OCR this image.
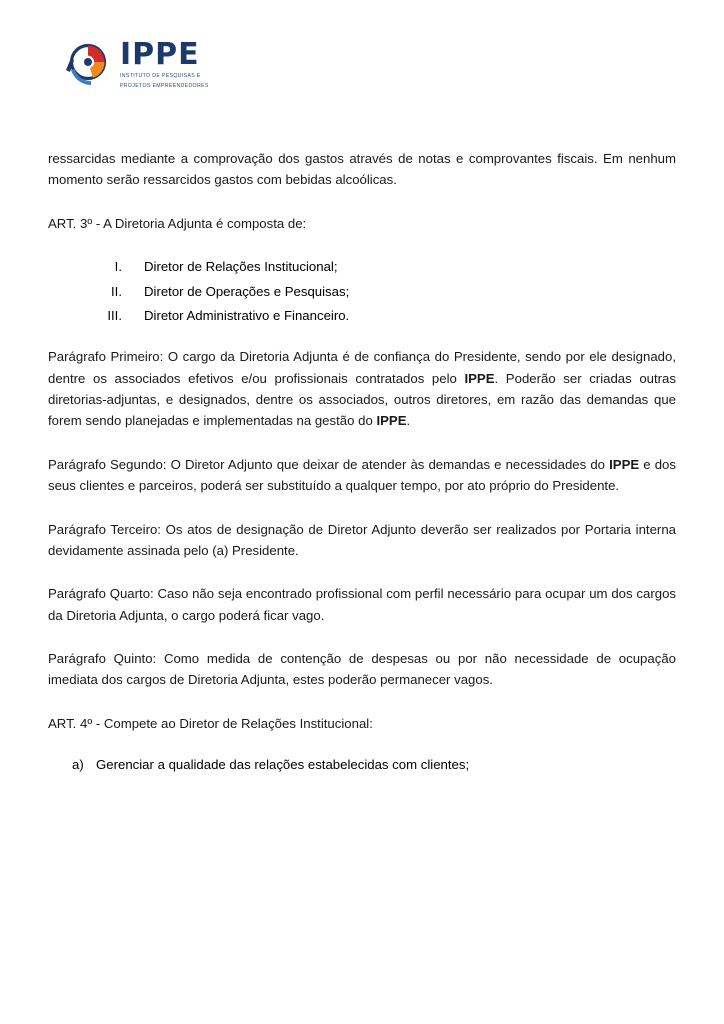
IPPE
INSTITUTO DE PESQUISAS E
PROJETOS EMPREENDEDORES

ressarcidas mediante a comprovação dos gastos através de notas e comprovantes fiscais. Em nenhum momento serão ressarcidos gastos com bebidas alcoólicas.

ART. 3º - A Diretoria Adjunta é composta de:

I.	Diretor de Relações Institucional;
II.	Diretor de Operações e Pesquisas;
III.	Diretor Administrativo e Financeiro.

Parágrafo Primeiro: O cargo da Diretoria Adjunta é de confiança do Presidente, sendo por ele designado, dentre os associados efetivos e/ou profissionais contratados pelo IPPE. Poderão ser criadas outras diretorias-adjuntas, e designados, dentre os associados, outros diretores, em razão das demandas que forem sendo planejadas e implementadas na gestão do IPPE.

Parágrafo Segundo: O Diretor Adjunto que deixar de atender às demandas e necessidades do IPPE e dos seus clientes e parceiros, poderá ser substituído a qualquer tempo, por ato próprio do Presidente.

Parágrafo Terceiro: Os atos de designação de Diretor Adjunto deverão ser realizados por Portaria interna devidamente assinada pelo (a) Presidente.

Parágrafo Quarto: Caso não seja encontrado profissional com perfil necessário para ocupar um dos cargos da Diretoria Adjunta, o cargo poderá ficar vago.

Parágrafo Quinto: Como medida de contenção de despesas ou por não necessidade de ocupação imediata dos cargos de Diretoria Adjunta, estes poderão permanecer vagos.

ART. 4º - Compete ao Diretor de Relações Institucional:

a) Gerenciar a qualidade das relações estabelecidas com clientes;
